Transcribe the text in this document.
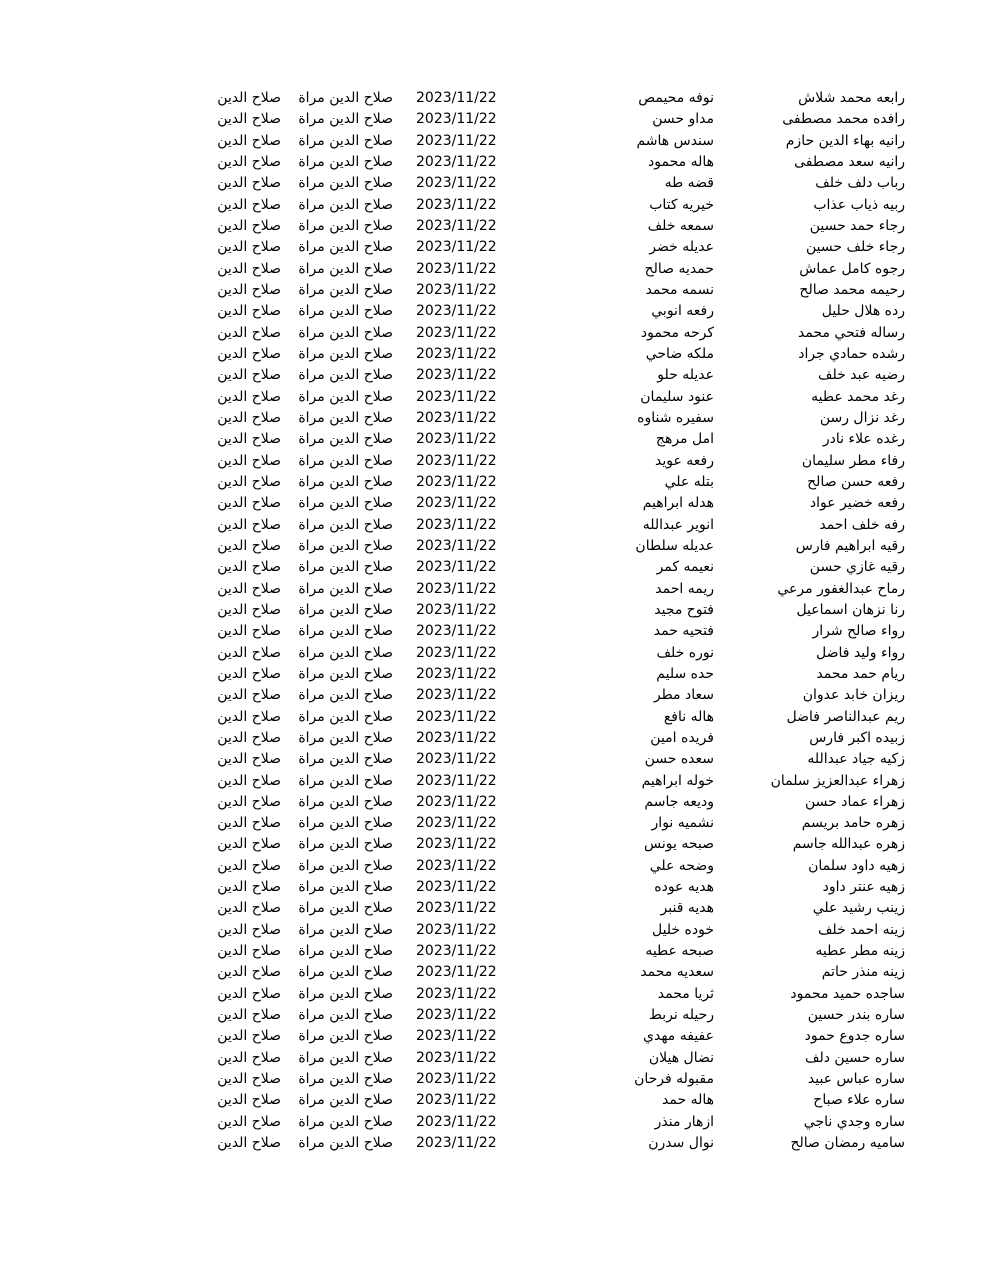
رابعه محمد شلاش
نوفه محيمص
2023/11/22
صلاح الدين مراة
صلاح الدين
رافده محمد مصطفى
مداو حسن
2023/11/22
صلاح الدين مراة
صلاح الدين
رانيه بهاء الدين حازم
سندس هاشم
2023/11/22
صلاح الدين مراة
صلاح الدين
رانيه سعد مصطفى
هاله محمود
2023/11/22
صلاح الدين مراة
صلاح الدين
رباب دلف خلف
قضه طه
2023/11/22
صلاح الدين مراة
صلاح الدين
ربيه ذياب عذاب
خيريه كتاب
2023/11/22
صلاح الدين مراة
صلاح الدين
رجاء حمد حسين
سمعه خلف
2023/11/22
صلاح الدين مراة
صلاح الدين
رجاء خلف حسين
عديله خضر
2023/11/22
صلاح الدين مراة
صلاح الدين
رجوه كامل عماش
حمديه صالح
2023/11/22
صلاح الدين مراة
صلاح الدين
رحيمه محمد صالح
نسمه محمد
2023/11/22
صلاح الدين مراة
صلاح الدين
رده هلال حليل
رفعه انوبي
2023/11/22
صلاح الدين مراة
صلاح الدين
رساله فتحي محمد
كرحه محمود
2023/11/22
صلاح الدين مراة
صلاح الدين
رشده حمادي جراد
ملكه ضاحي
2023/11/22
صلاح الدين مراة
صلاح الدين
رضيه عبد خلف
عديله حلو
2023/11/22
صلاح الدين مراة
صلاح الدين
رغد محمد عطيه
عنود سليمان
2023/11/22
صلاح الدين مراة
صلاح الدين
رغد نزال رسن
سفيره شناوه
2023/11/22
صلاح الدين مراة
صلاح الدين
رغده علاء نادر
امل مرهج
2023/11/22
صلاح الدين مراة
صلاح الدين
رفاء مطر سليمان
رفعه عويد
2023/11/22
صلاح الدين مراة
صلاح الدين
رفعه حسن صالح
بتله علي
2023/11/22
صلاح الدين مراة
صلاح الدين
رفعه خضير عواد
هدله ابراهيم
2023/11/22
صلاح الدين مراة
صلاح الدين
رفه خلف احمد
انوير عبدالله
2023/11/22
صلاح الدين مراة
صلاح الدين
رقيه ابراهيم فارس
عديله سلطان
2023/11/22
صلاح الدين مراة
صلاح الدين
رقيه غازي حسن
نعيمه كمر
2023/11/22
صلاح الدين مراة
صلاح الدين
رماح عبدالغفور مرعي
ريمه احمد
2023/11/22
صلاح الدين مراة
صلاح الدين
رنا نزهان اسماعيل
فتوح مجيد
2023/11/22
صلاح الدين مراة
صلاح الدين
رواء صالح شرار
فتحيه حمد
2023/11/22
صلاح الدين مراة
صلاح الدين
رواء وليد فاضل
نوره خلف
2023/11/22
صلاح الدين مراة
صلاح الدين
ريام حمد محمد
حده سليم
2023/11/22
صلاح الدين مراة
صلاح الدين
ريزان خابد عدوان
سعاد مطر
2023/11/22
صلاح الدين مراة
صلاح الدين
ريم عبدالناصر فاضل
هاله نافع
2023/11/22
صلاح الدين مراة
صلاح الدين
زبيده اكبر فارس
فريده امين
2023/11/22
صلاح الدين مراة
صلاح الدين
زكيه جياد عبدالله
سعده حسن
2023/11/22
صلاح الدين مراة
صلاح الدين
زهراء عبدالعزيز سلمان
خوله ابراهيم
2023/11/22
صلاح الدين مراة
صلاح الدين
زهراء عماد حسن
وديعه جاسم
2023/11/22
صلاح الدين مراة
صلاح الدين
زهره حامد بريسم
نشميه نوار
2023/11/22
صلاح الدين مراة
صلاح الدين
زهره عبدالله جاسم
صبحه يونس
2023/11/22
صلاح الدين مراة
صلاح الدين
زهيه داود سلمان
وضحه علي
2023/11/22
صلاح الدين مراة
صلاح الدين
زهيه عنتر داود
هديه عوده
2023/11/22
صلاح الدين مراة
صلاح الدين
زينب رشيد علي
هديه قنبر
2023/11/22
صلاح الدين مراة
صلاح الدين
زينه احمد خلف
خوده خليل
2023/11/22
صلاح الدين مراة
صلاح الدين
زينه مطر عطيه
صبحه عطيه
2023/11/22
صلاح الدين مراة
صلاح الدين
زينه منذر حاتم
سعديه محمد
2023/11/22
صلاح الدين مراة
صلاح الدين
ساجده حميد محمود
ثريا محمد
2023/11/22
صلاح الدين مراة
صلاح الدين
ساره بندر حسين
رحيله نربط
2023/11/22
صلاح الدين مراة
صلاح الدين
ساره جدوع حمود
عفيفه مهدي
2023/11/22
صلاح الدين مراة
صلاح الدين
ساره حسين دلف
نضال هيلان
2023/11/22
صلاح الدين مراة
صلاح الدين
ساره عباس عبيد
مقبوله فرحان
2023/11/22
صلاح الدين مراة
صلاح الدين
ساره علاء صباح
هاله حمد
2023/11/22
صلاح الدين مراة
صلاح الدين
ساره وجدي ناجي
ازهار منذر
2023/11/22
صلاح الدين مراة
صلاح الدين
ساميه رمضان صالح
نوال سدرن
2023/11/22
صلاح الدين مراة
صلاح الدين
